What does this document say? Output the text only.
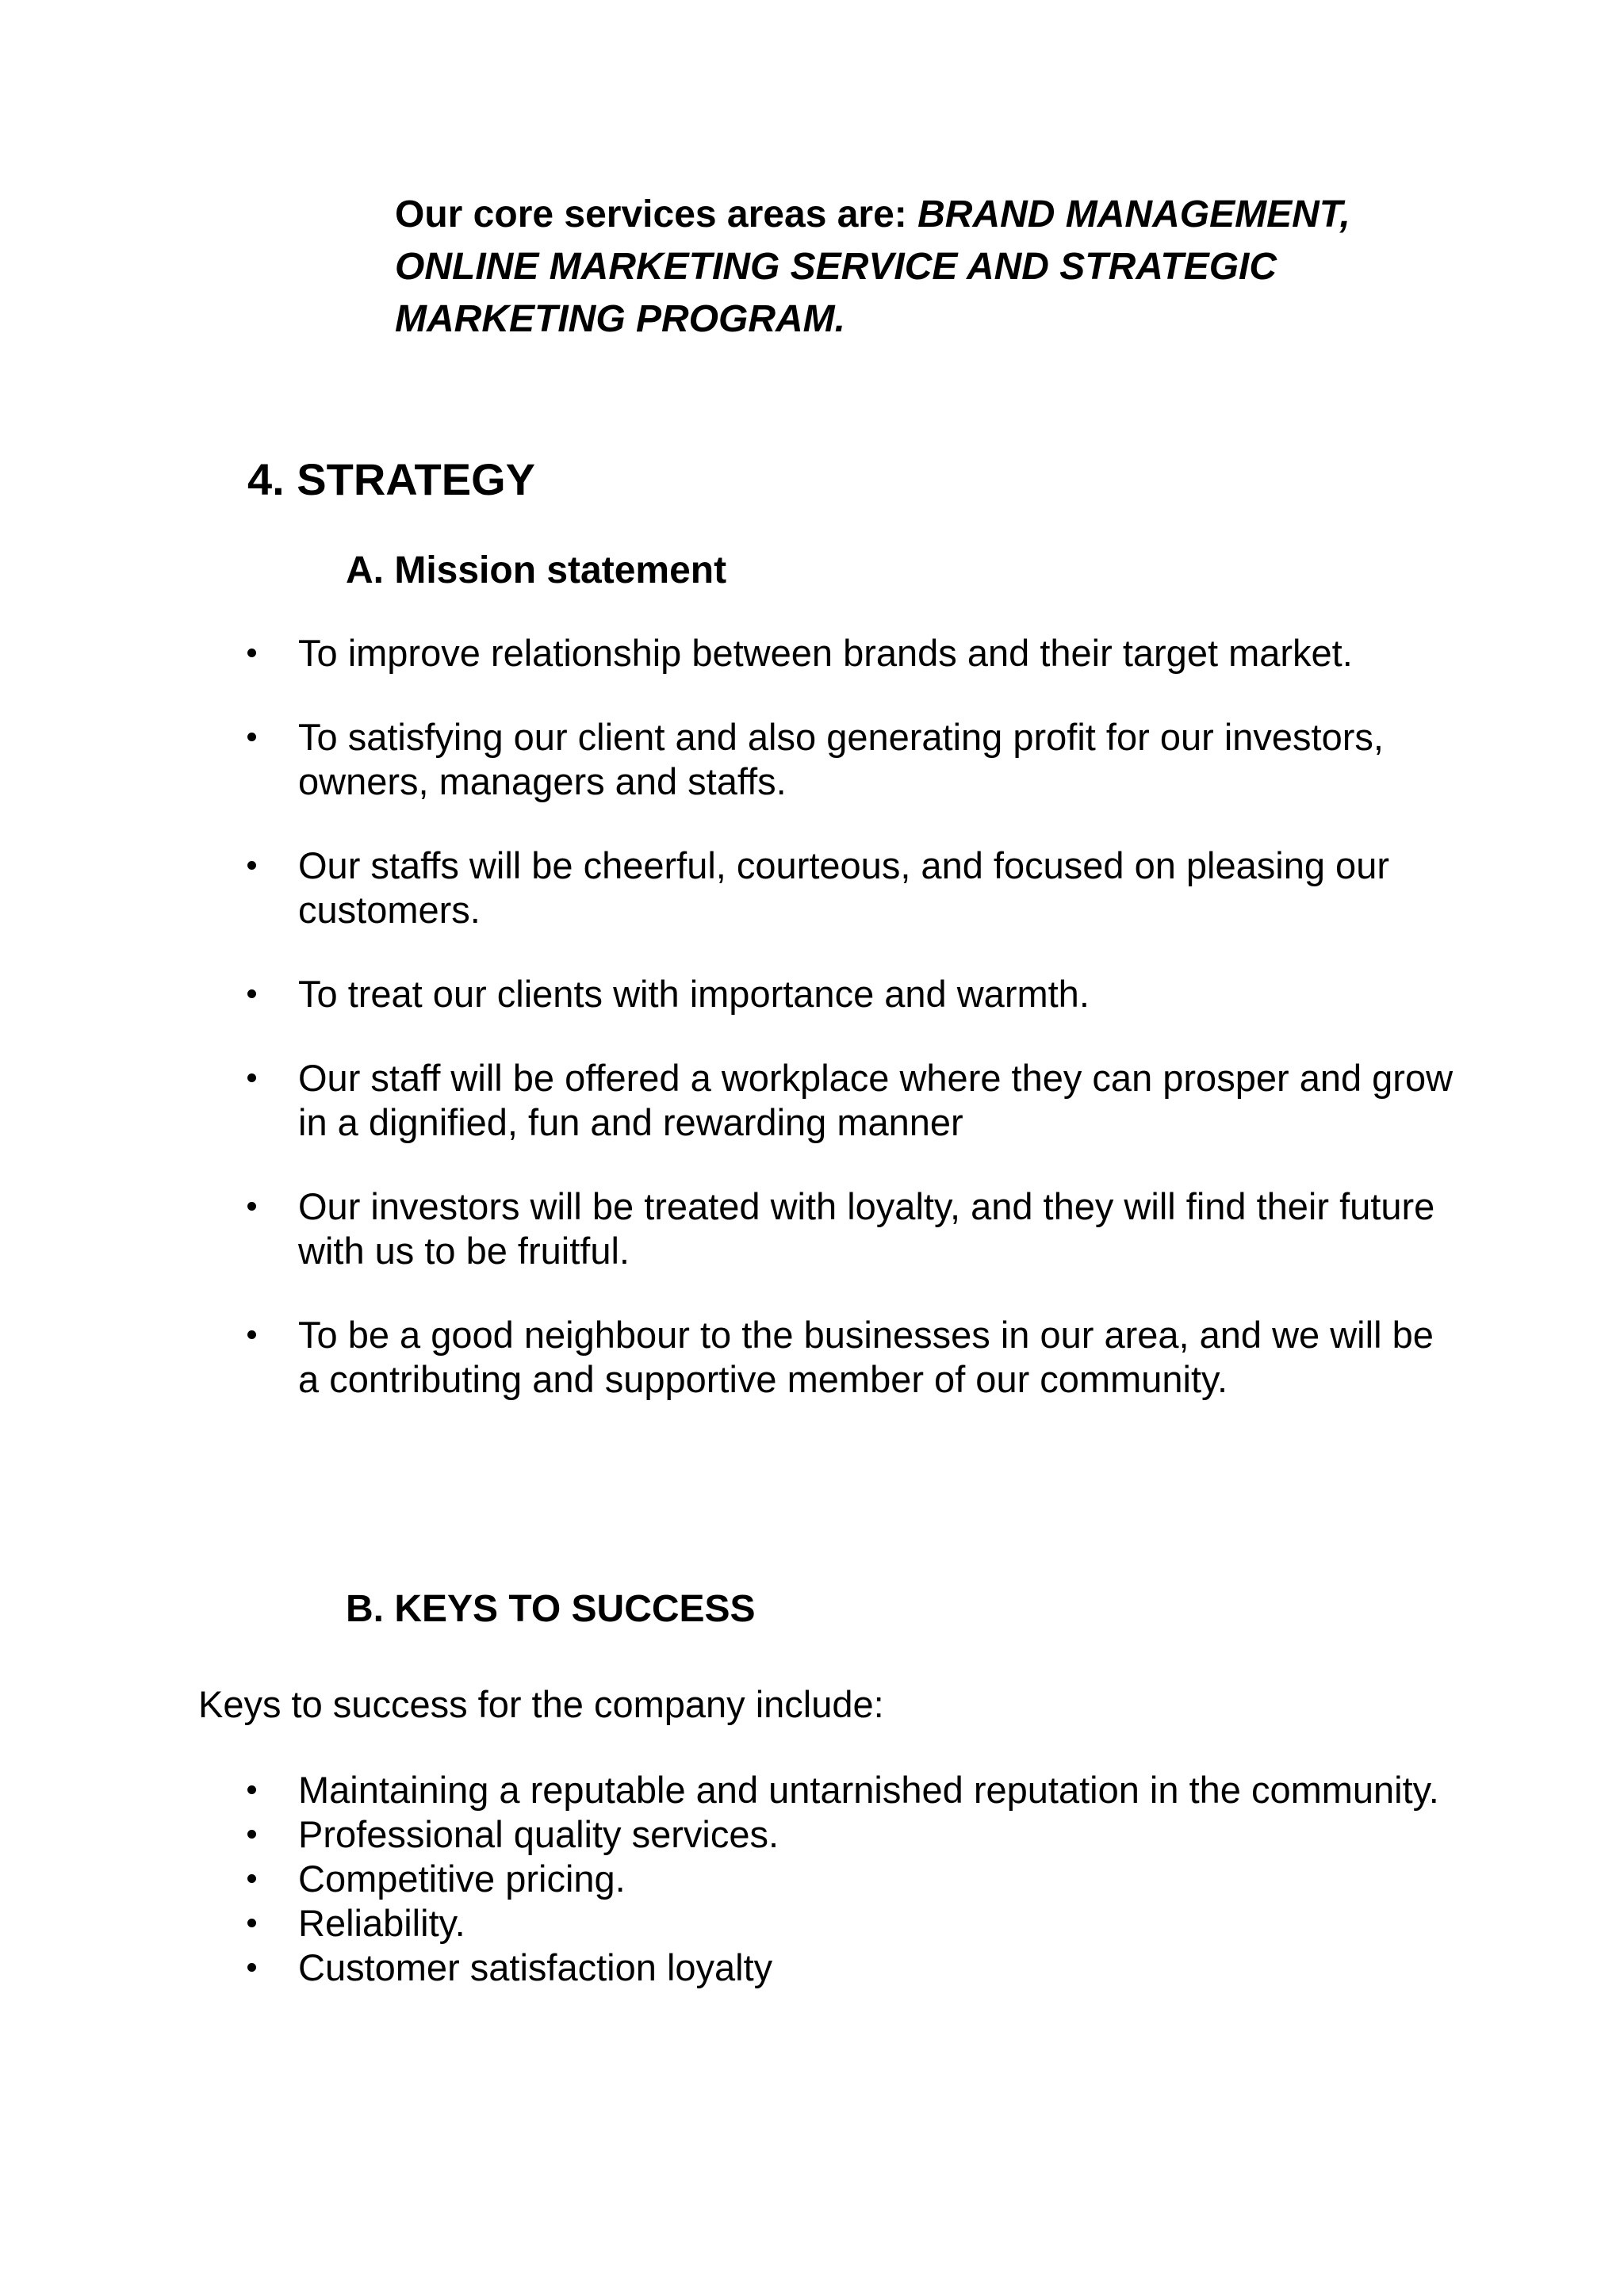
Our core services areas are: BRAND MANAGEMENT, ONLINE MARKETING SERVICE AND STRATEGIC MARKETING PROGRAM.

4. STRATEGY
A. Mission statement
To improve relationship between brands and their target market.
To satisfying our client and also generating profit for our investors, owners, managers and staffs.
Our staffs will be cheerful, courteous, and focused on pleasing our customers.
To treat our clients with importance and warmth.
Our staff will be offered a workplace where they can prosper and grow in a dignified, fun and rewarding manner
Our investors will be treated with loyalty, and they will find their future with us to be fruitful.
To be a good neighbour to the businesses in our area, and we will be a contributing and supportive member of our community.
B. KEYS TO SUCCESS

Keys to success for the company include:

Maintaining a reputable and untarnished reputation in the community.
Professional quality services.
Competitive pricing.
Reliability.
Customer satisfaction loyalty
